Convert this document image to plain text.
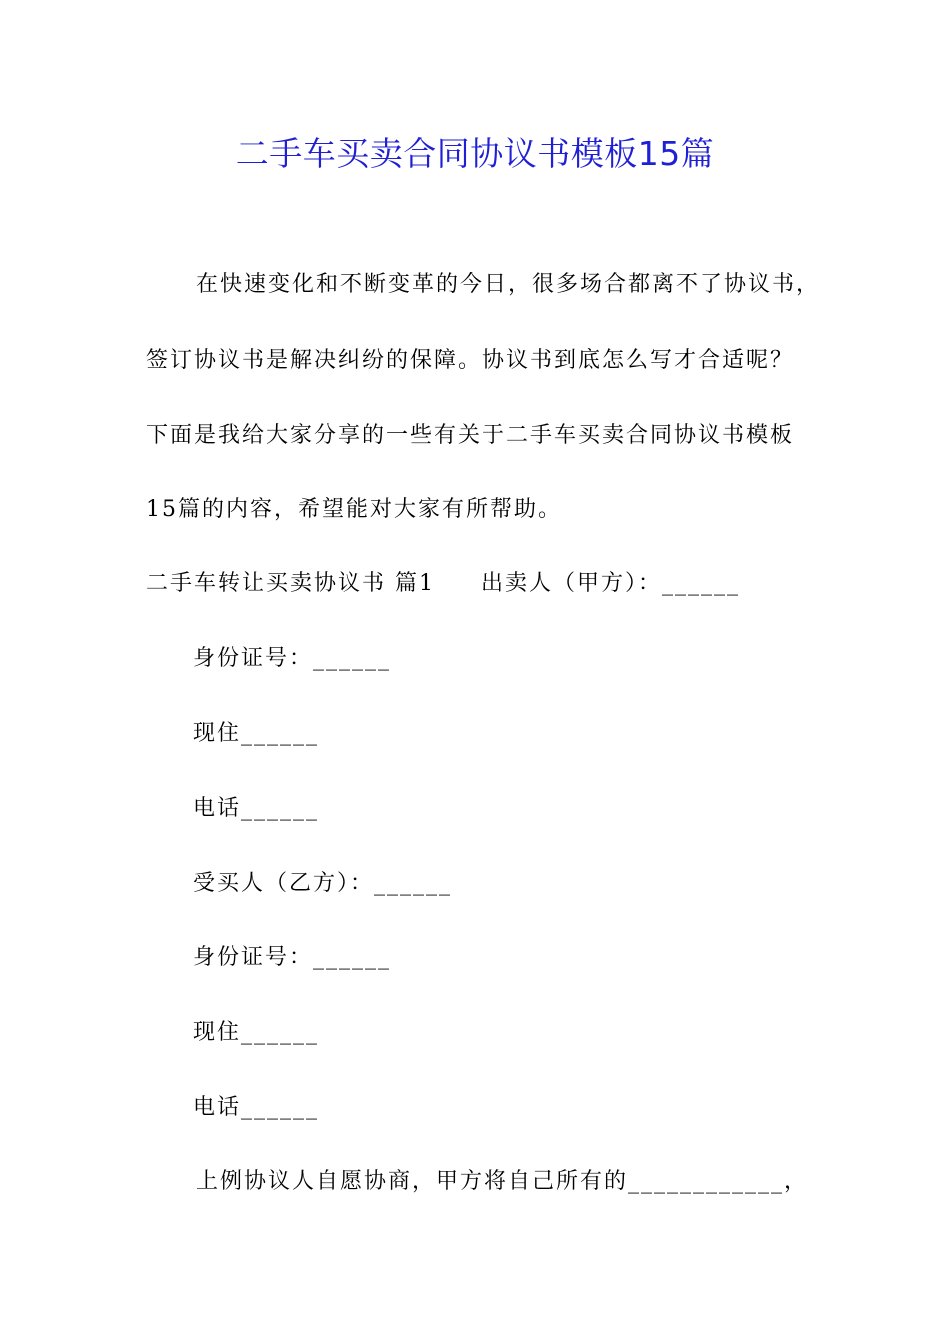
二手车买卖合同协议书模板15篇
在快速变化和不断变革的今日，很多场合都离不了协议书，
签订协议书是解决纠纷的保障。协议书到底怎么写才合适呢？
下面是我给大家分享的一些有关于二手车买卖合同协议书模板
15篇的内容，希望能对大家有所帮助。
二手车转让买卖协议书 篇1 出卖人（甲方）：______
身份证号：______
现住______
电话______
受买人（乙方）：______
身份证号：______
现住______
电话______
上例协议人自愿协商，甲方将自己所有的____________，
